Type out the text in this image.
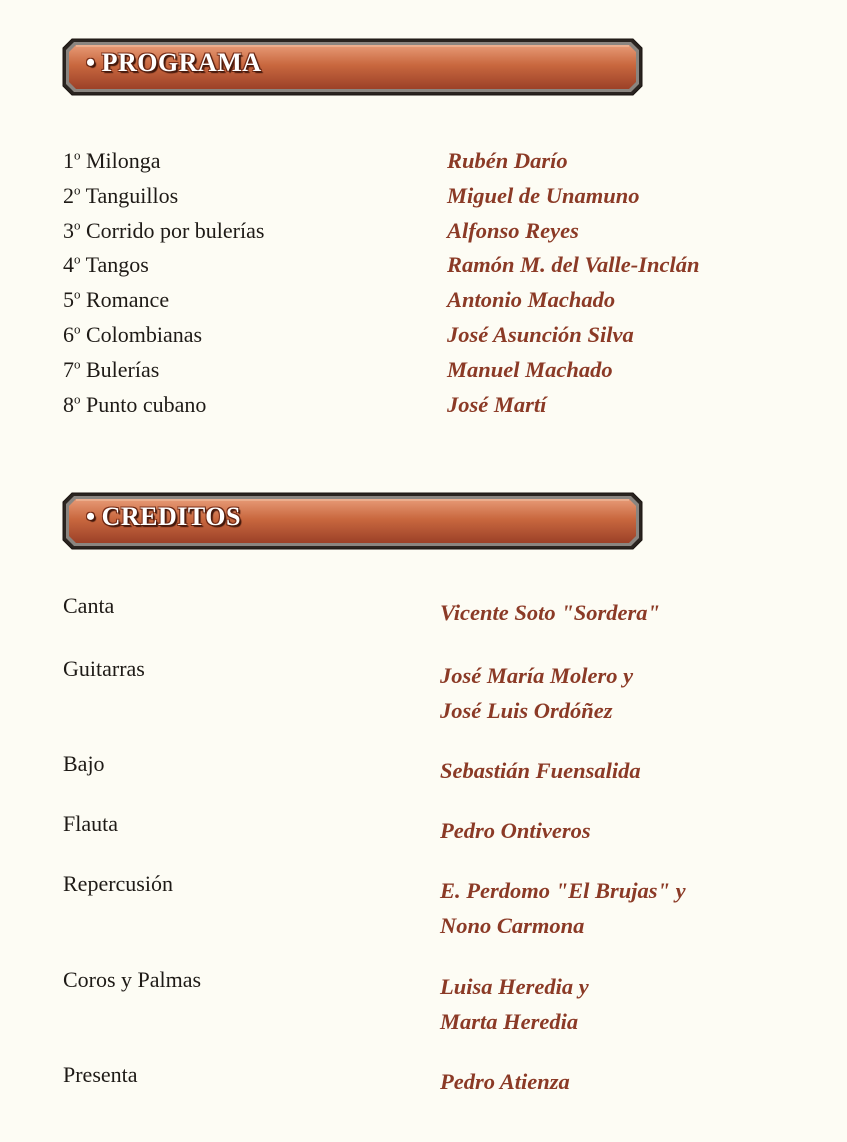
• PROGRAMA
1$^o$ Milonga	Rubén Darío
2$^o$ Tanguillos	Miguel de Unamuno
3$^o$ Corrido por bulerías	Alfonso Reyes
4$^o$ Tangos	Ramón M. del Valle-Inclán
5$^o$ Romance	Antonio Machado
6$^o$ Colombianas	José Asunción Silva
7$^o$ Bulerías	Manuel Machado
8$^o$ Punto cubano	José Martí
• CREDITOS
Canta	Vicente Soto "Sordera"
Guitarras	José María Molero y
José Luis Ordóñez
Bajo	Sebastián Fuensalida
Flauta	Pedro Ontiveros
Repercusión	E. Perdomo "El Brujas" y
Nono Carmona
Coros y Palmas	Luisa Heredia y
Marta Heredia
Presenta	Pedro Atienza
